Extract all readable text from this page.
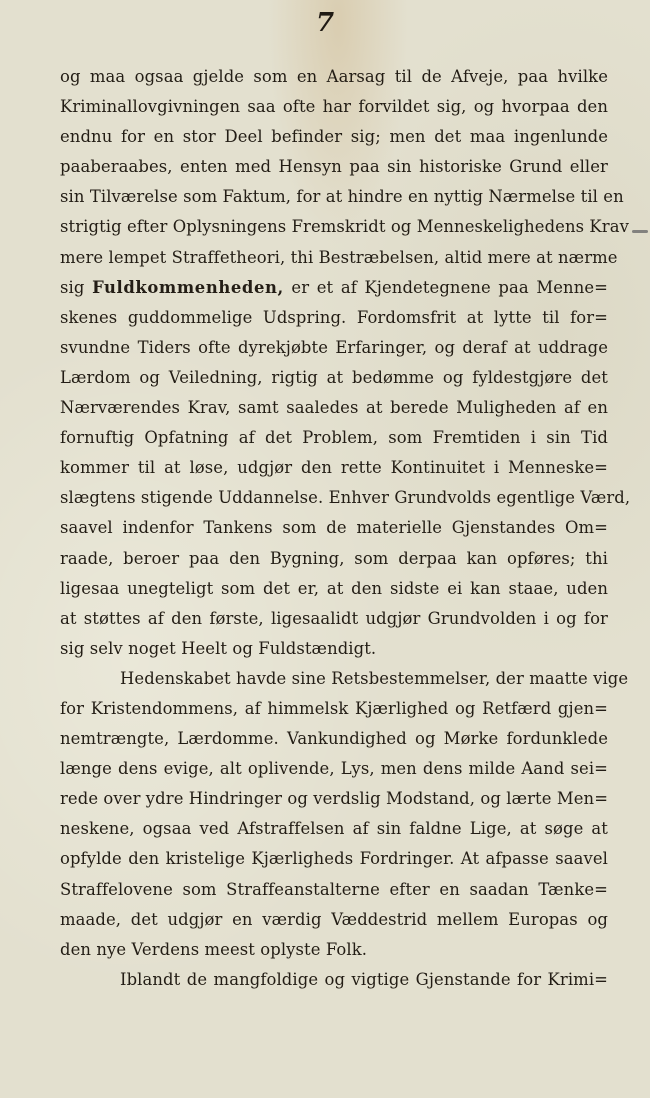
7
og maa ogsaa gjelde som en Aarsag til de Afveje, paa hvilke
Kriminallovgivningen saa ofte har forvildet sig, og hvorpaa den
endnu for en stor Deel befinder sig; men det maa ingenlunde
paaberaabes, enten med Hensyn paa sin historiske Grund eller
sin Tilværelse som Faktum, for at hindre en nyttig Nærmelse til en
strigtig efter Oplysningens Fremskridt og Menneskelighedens Krav
mere lempet Straffetheori, thi Bestræbelsen, altid mere at nærme
sig Fuldkommenheden, er et af Kjendetegnene paa Menne=
skenes guddommelige Udspring. Fordomsfrit at lytte til for=
svundne Tiders ofte dyrekjøbte Erfaringer, og deraf at uddrage
Lærdom og Veiledning, rigtig at bedømme og fyldestgjøre det
Nærværendes Krav, samt saaledes at berede Muligheden af en
fornuftig Opfatning af det Problem, som Fremtiden i sin Tid
kommer til at løse, udgjør den rette Kontinuitet i Menneske=
slægtens stigende Uddannelse. Enhver Grundvolds egentlige Værd,
saavel indenfor Tankens som de materielle Gjenstandes Om=
raade, beroer paa den Bygning, som derpaa kan opføres; thi
ligesaa unegteligt som det er, at den sidste ei kan staae, uden
at støttes af den første, ligesaalidt udgjør Grundvolden i og for
sig selv noget Heelt og Fuldstændigt.
Hedenskabet havde sine Retsbestemmelser, der maatte vige
for Kristendommens, af himmelsk Kjærlighed og Retfærd gjen=
nemtrængte, Lærdomme. Vankundighed og Mørke fordunklede
længe dens evige, alt oplivende, Lys, men dens milde Aand sei=
rede over ydre Hindringer og verdslig Modstand, og lærte Men=
neskene, ogsaa ved Afstraffelsen af sin faldne Lige, at søge at
opfylde den kristelige Kjærligheds Fordringer. At afpasse saavel
Straffelovene som Straffeanstalterne efter en saadan Tænke=
maade, det udgjør en værdig Væddestrid mellem Europas og
den nye Verdens meest oplyste Folk.
Iblandt de mangfoldige og vigtige Gjenstande for Krimi=
